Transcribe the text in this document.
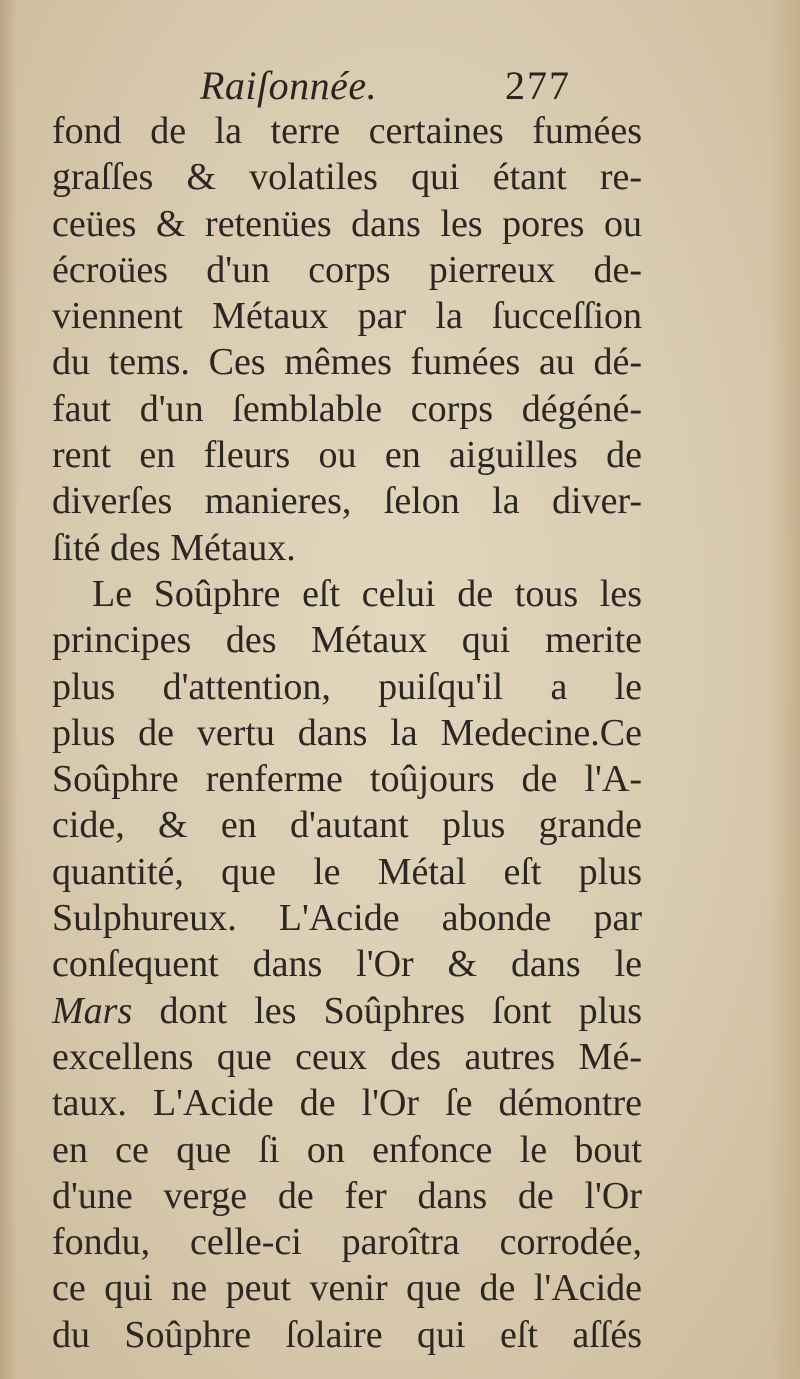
Raiſonnée.	277
fond de la terre certaines fumées
graſſes & volatiles qui étant re-
ceües & retenües dans les pores ou
écroües d'un corps pierreux de-
viennent Métaux par la ſucceſſion
du tems. Ces mêmes fumées au dé-
faut d'un ſemblable corps dégéné-
rent en fleurs ou en aiguilles de
diverſes manieres, ſelon la diver-
ſité des Métaux.
Le Soûphre eſt celui de tous les
principes des Métaux qui merite
plus d'attention, puiſqu'il a le
plus de vertu dans la Medecine.Ce
Soûphre renferme toûjours de l'A-
cide, & en d'autant plus grande
quantité, que le Métal eſt plus
Sulphureux. L'Acide abonde par
conſequent dans l'Or & dans le
Mars dont les Soûphres ſont plus
excellens que ceux des autres Mé-
taux. L'Acide de l'Or ſe démontre
en ce que ſi on enfonce le bout
d'une verge de fer dans de l'Or
fondu, celle-ci paroîtra corrodée,
ce qui ne peut venir que de l'Acide
du Soûphre ſolaire qui eſt aſſés
